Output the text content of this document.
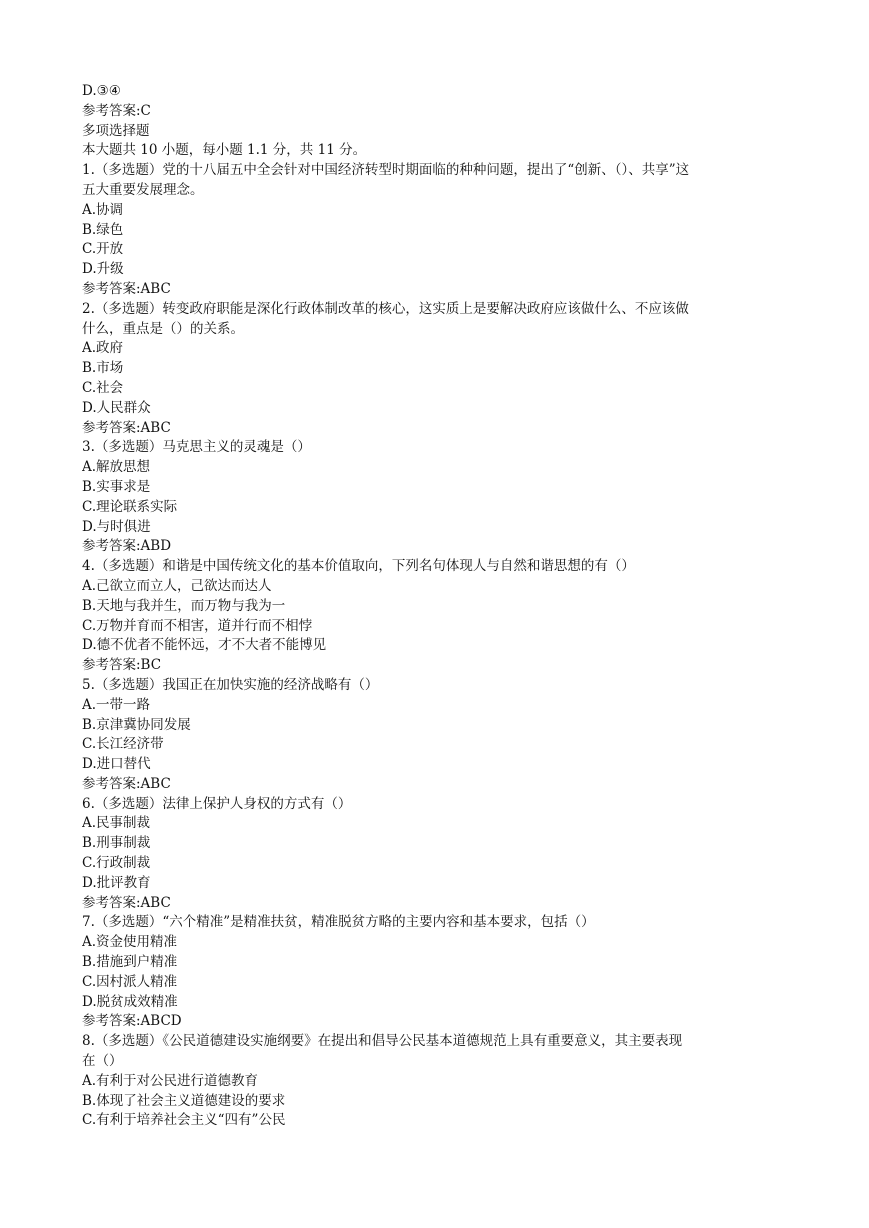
D.③④
参考答案:C
多项选择题
本大题共 10 小题，每小题 1.1 分，共 11 分。
1.（多选题）党的十八届五中全会针对中国经济转型时期面临的种种问题，提出了“创新、（）、共享”这
五大重要发展理念。
A.协调
B.绿色
C.开放
D.升级
参考答案:ABC
2.（多选题）转变政府职能是深化行政体制改革的核心，这实质上是要解决政府应该做什么、不应该做
什么，重点是（）的关系。
A.政府
B.市场
C.社会
D.人民群众
参考答案:ABC
3.（多选题）马克思主义的灵魂是（）
A.解放思想
B.实事求是
C.理论联系实际
D.与时俱进
参考答案:ABD
4.（多选题）和谐是中国传统文化的基本价值取向，下列名句体现人与自然和谐思想的有（）
A.己欲立而立人，己欲达而达人
B.天地与我并生，而万物与我为一
C.万物并育而不相害，道并行而不相悖
D.德不优者不能怀远，才不大者不能博见
参考答案:BC
5.（多选题）我国正在加快实施的经济战略有（）
A.一带一路
B.京津冀协同发展
C.长江经济带
D.进口替代
参考答案:ABC
6.（多选题）法律上保护人身权的方式有（）
A.民事制裁
B.刑事制裁
C.行政制裁
D.批评教育
参考答案:ABC
7.（多选题）“六个精准”是精准扶贫，精准脱贫方略的主要内容和基本要求，包括（）
A.资金使用精准
B.措施到户精准
C.因村派人精准
D.脱贫成效精准
参考答案:ABCD
8.（多选题）《公民道德建设实施纲要》在提出和倡导公民基本道德规范上具有重要意义，其主要表现
在（）
A.有利于对公民进行道德教育
B.体现了社会主义道德建设的要求
C.有利于培养社会主义“四有”公民
